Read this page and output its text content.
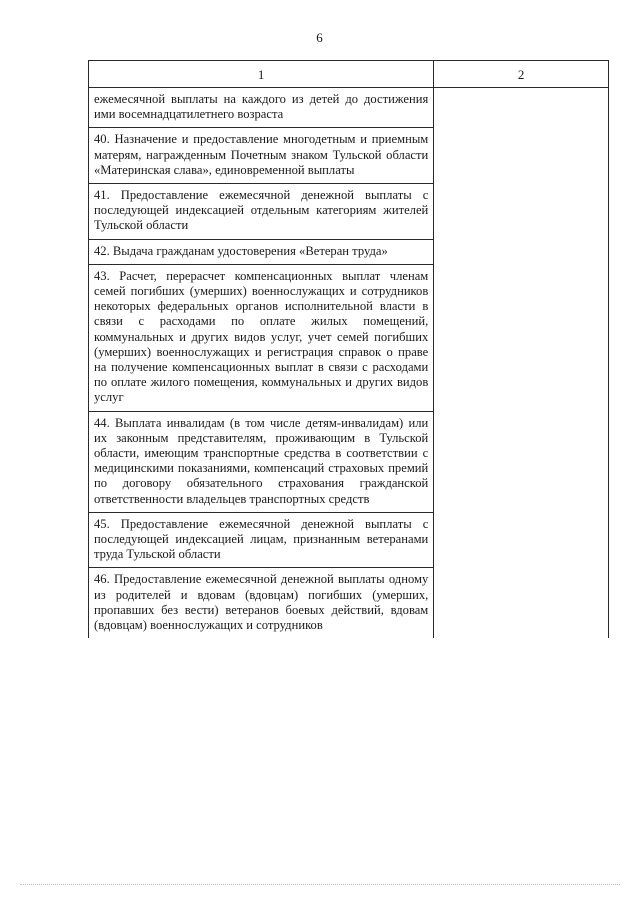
6
1	2
ежемесячной выплаты на каждого из детей до достижения ими восемнадцатилетнего возраста	
40. Назначение и предоставление многодетным и приемным матерям, награжденным Почетным знаком Тульской области «Материнская слава», единовременной выплаты	
41. Предоставление ежемесячной денежной выплаты с последующей индексацией отдельным категориям жителей Тульской области	
42. Выдача гражданам удостоверения «Ветеран труда»	
43. Расчет, перерасчет компенсационных выплат членам семей погибших (умерших) военнослужащих и сотрудников некоторых федеральных органов исполнительной власти в связи с расходами по оплате жилых помещений, коммунальных и других видов услуг, учет семей погибших (умерших) военнослужащих и регистрация справок о праве на получение компенсационных выплат в связи с расходами по оплате жилого помещения, коммунальных и других видов услуг	
44. Выплата инвалидам (в том числе детям-инвалидам) или их законным представителям, проживающим в Тульской области, имеющим транспортные средства в соответствии с медицинскими показаниями, компенсаций страховых премий по договору обязательного страхования гражданской ответственности владельцев транспортных средств	
45. Предоставление ежемесячной денежной выплаты с последующей индексацией лицам, признанным ветеранами труда Тульской области	
46. Предоставление ежемесячной денежной выплаты одному из родителей и вдовам (вдовцам) погибших (умерших, пропавших без вести) ветеранов боевых действий, вдовам (вдовцам) военнослужащих и сотрудников	
